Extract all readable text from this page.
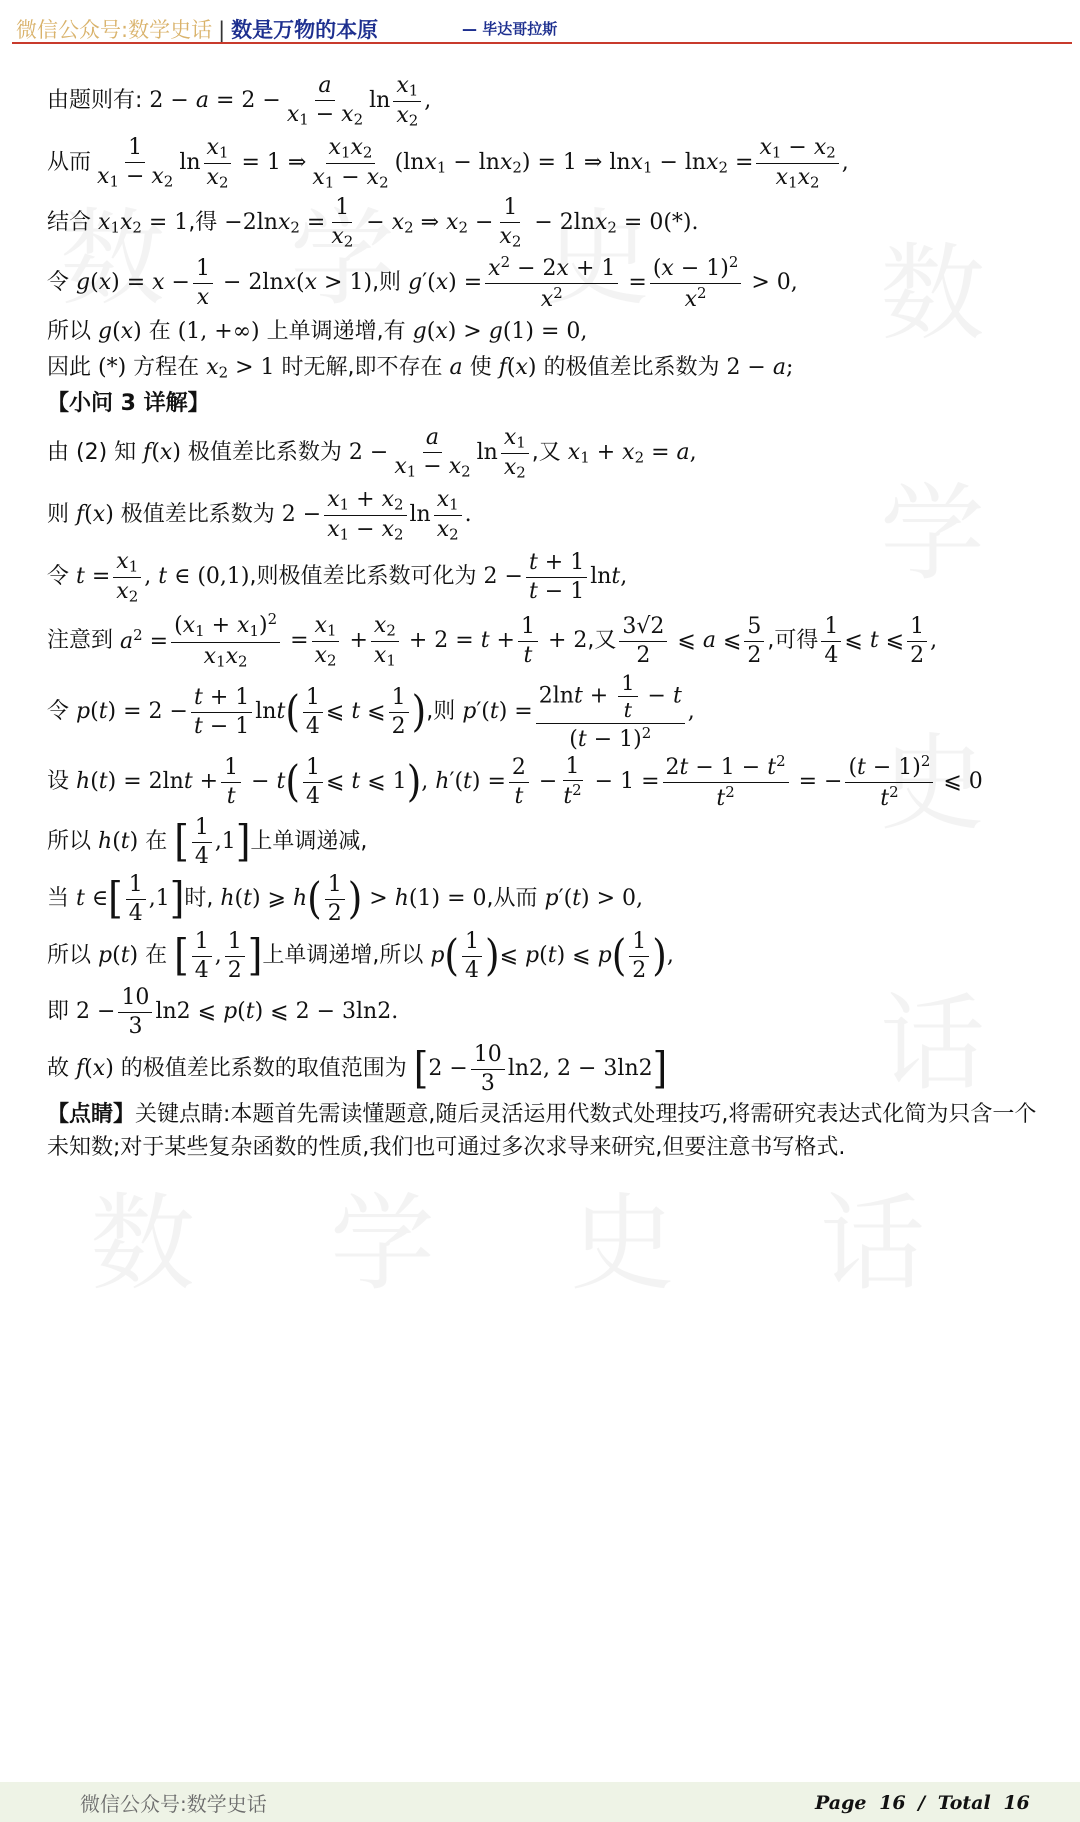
微信公众号:数学史话 | 数是万物的本原	— 毕达哥拉斯
由题则有: $2 - a = 2 - \frac{a}{x_1 - x_2}$ $\ln \frac{x_1}{x_2}$ ,
从而 $\frac{1}{x_1 - x_2}$ $\ln \frac{x_1}{x_2} = 1$ ⇒ $\frac{x_1x_2}{x_1 - x_2} (\ln x_1 - \ln x_2) = 1$ ⇒ $\ln x_1 - \ln x_2 = \frac{x_1 - x_2}{x_1x_2}$ ,
结合 $x_1x_2 = 1$ ,得 $-2\ln x_2 = \frac{1}{x_2} - x_2$ ⇒ $x_2 - \frac{1}{x_2} - 2\ln x_2 = 0(*)$.
令 $g(x) = x - \frac{1}{x} - 2\ln x(x > 1)$ ,则 $g'(x) = \frac{x^2 - 2x + 1}{x^2} = \frac{(x - 1)^2}{x^2} > 0$,
所以 g(x) 在 (1, +∞) 上单调递增,有 g(x) > g(1) = 0,
因此 (*) 方程在 $x_2 > 1$ 时无解,即不存在 a 使 f(x) 的极值差比系数为 2 − a;
【小问 3 详解】
由 (2) 知 f(x) 极值差比系数为 $2 - \frac{a}{x_1 - x_2}$ $\ln \frac{x_1}{x_2}$ ,又 $x_1 + x_2 = a$,
则 f(x) 极值差比系数为 $2 - \frac{x_1 + x_2}{x_1 - x_2}$ $\ln \frac{x_1}{x_2}$ .
令 $t = \frac{x_1}{x_2}$ , t ∈ (0,1) ,则极值差比系数可化为 $2 - \frac{t + 1}{t - 1} \ln t$,
注意到 $a^2 = \frac{(x_1 + x_1)^2}{x_1x_2} = \frac{x_1}{x_2} + \frac{x_2}{x_1} + 2 = t + \frac{1}{t} + 2$ ,又 $\frac{3√2}{2}$ ⩽ a ⩽ $\frac{5}{2}$ ,可得 $\frac{1}{4}$ ⩽ t ⩽ $\frac{1}{2}$ ,
令 $p(t) = 2 - \frac{t + 1}{t - 1}$ lnt ( $\frac{1}{4}$ ⩽ t ⩽ $\frac{1}{2}$ ) ,则 $p'(t) = \frac{2\ln t + \frac{1}{t} - t}{(t - 1)^2}$ ,
设 $h(t) = 2\ln t + \frac{1}{t} - t$ ( $\frac{1}{4}$ ⩽ t ⩽ 1 ) , $h'(t) = \frac{2}{t} - \frac{1}{t^2} - 1 = \frac{2t - 1 - t^2}{t^2}$ = − $\frac{(t - 1)^2}{t^2}$ ⩽ 0
所以 h(t) 在
[ $\frac{1}{4} ,1$ ] 上单调递减,
当 t ∈ [ $\frac{1}{4} ,1$ ] 时, h(t) ⩾ h ( $\frac{1}{2}$ ) > h(1) = 0 ,从而 p′(t) > 0,
所以 p(t) 在
[ $\frac{1}{4}$ , $\frac{1}{2}$ ] 上单调递增,所以 p ( $\frac{1}{4}$ ) ⩽ p(t) ⩽ p ( $\frac{1}{2}$ ) ,
即 $2 - \frac{10}{3} \ln 2$ ⩽ p(t) ⩽ 2 − 3ln2.
故 f(x) 的极值差比系数的取值范围为
[ $2 - \frac{10}{3} \ln 2$, 2 − 3ln2 ]
【点睛】关键点睛:本题首先需读懂题意,随后灵活运用代数式处理技巧,将需研究表达式化简为只含一个未知数;对于某些复杂函数的性质,我们也可通过多次求导来研究,但要注意书写格式.
微信公众号:数学史话	Page 16 / Total 16
